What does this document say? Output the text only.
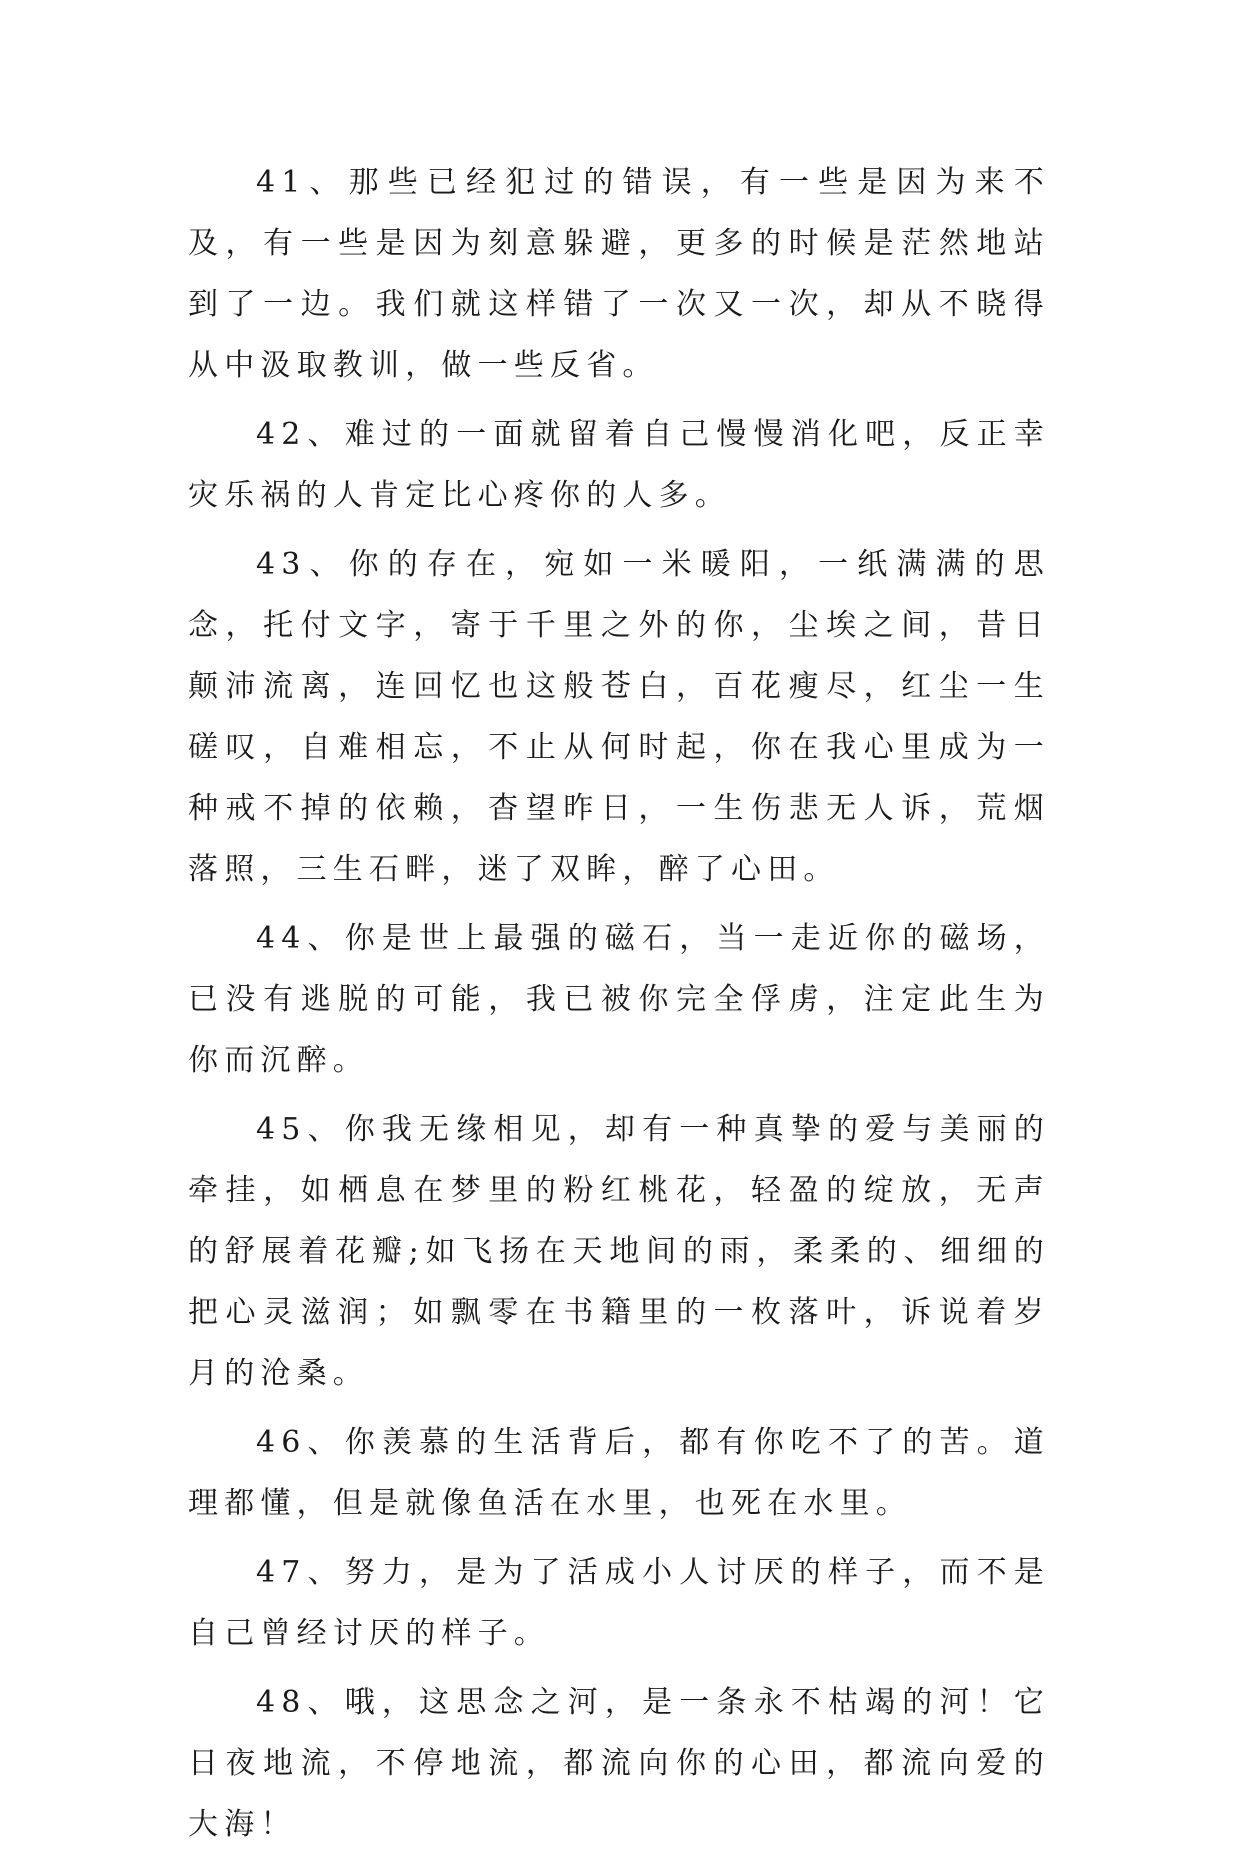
41、那些已经犯过的错误，有一些是因为来不及，有一些是因为刻意躲避，更多的时候是茫然地站到了一边。我们就这样错了一次又一次，却从不晓得从中汲取教训，做一些反省。

42、难过的一面就留着自己慢慢消化吧，反正幸灾乐祸的人肯定比心疼你的人多。

43、你的存在，宛如一米暖阳，一纸满满的思念，托付文字，寄于千里之外的你，尘埃之间，昔日颠沛流离，连回忆也这般苍白，百花瘦尽，红尘一生磋叹，自难相忘，不止从何时起，你在我心里成为一种戒不掉的依赖，杳望昨日，一生伤悲无人诉，荒烟落照，三生石畔，迷了双眸，醉了心田。

44、你是世上最强的磁石，当一走近你的磁场，已没有逃脱的可能，我已被你完全俘虏，注定此生为你而沉醉。

45、你我无缘相见，却有一种真挚的爱与美丽的牵挂，如栖息在梦里的粉红桃花，轻盈的绽放，无声的舒展着花瓣;如飞扬在天地间的雨，柔柔的、细细的把心灵滋润；如飘零在书籍里的一枚落叶，诉说着岁月的沧桑。

46、你羡慕的生活背后，都有你吃不了的苦。道理都懂，但是就像鱼活在水里，也死在水里。

47、努力，是为了活成小人讨厌的样子，而不是自己曾经讨厌的样子。

48、哦，这思念之河，是一条永不枯竭的河！它日夜地流，不停地流，都流向你的心田，都流向爱的大海！
